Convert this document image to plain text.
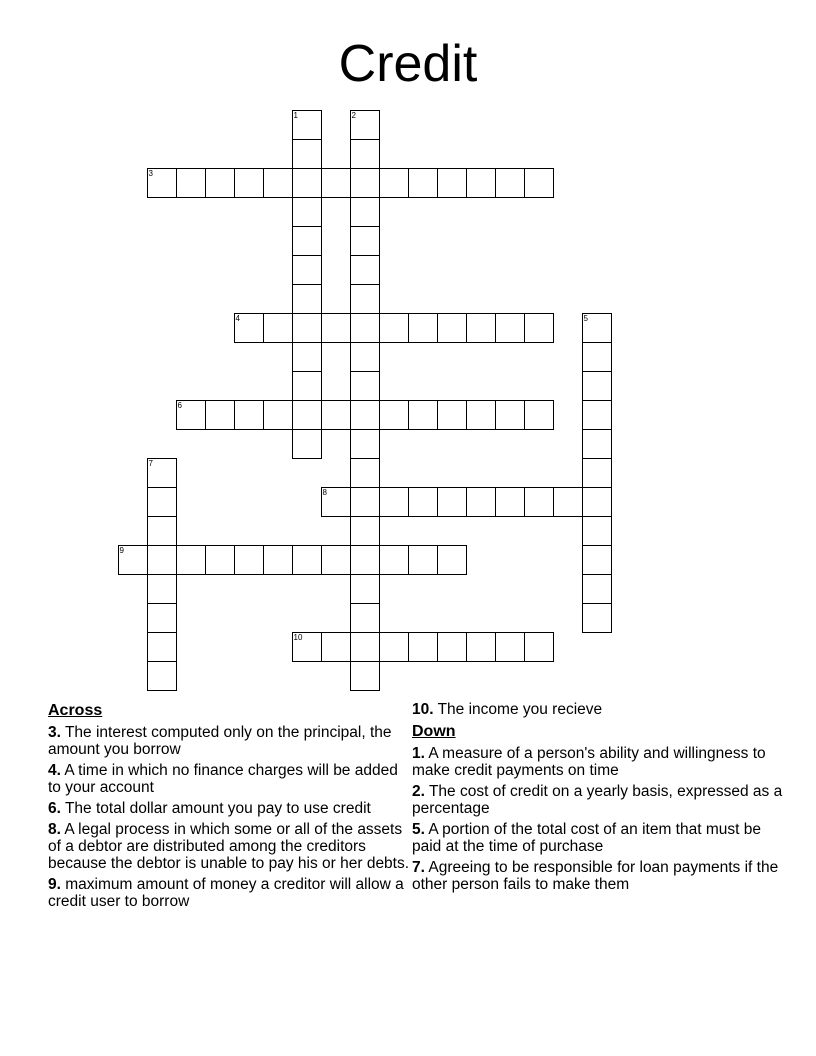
Credit
3
4
6
8
9
10
1	2
5
7
Across
3. The interest computed only on the principal, the amount you borrow
4. A time in which no finance charges will be added to your account
6. The total dollar amount you pay to use credit
8. A legal process in which some or all of the assets of a debtor are distributed among the creditors because the debtor is unable to pay his or her debts.
9. maximum amount of money a creditor will allow a credit user to borrow
10. The income you recieve
Down
1. A measure of a person's ability and willingness to make credit payments on time
2. The cost of credit on a yearly basis, expressed as a percentage
5. A portion of the total cost of an item that must be paid at the time of purchase
7. Agreeing to be responsible for loan payments if the other person fails to make them
